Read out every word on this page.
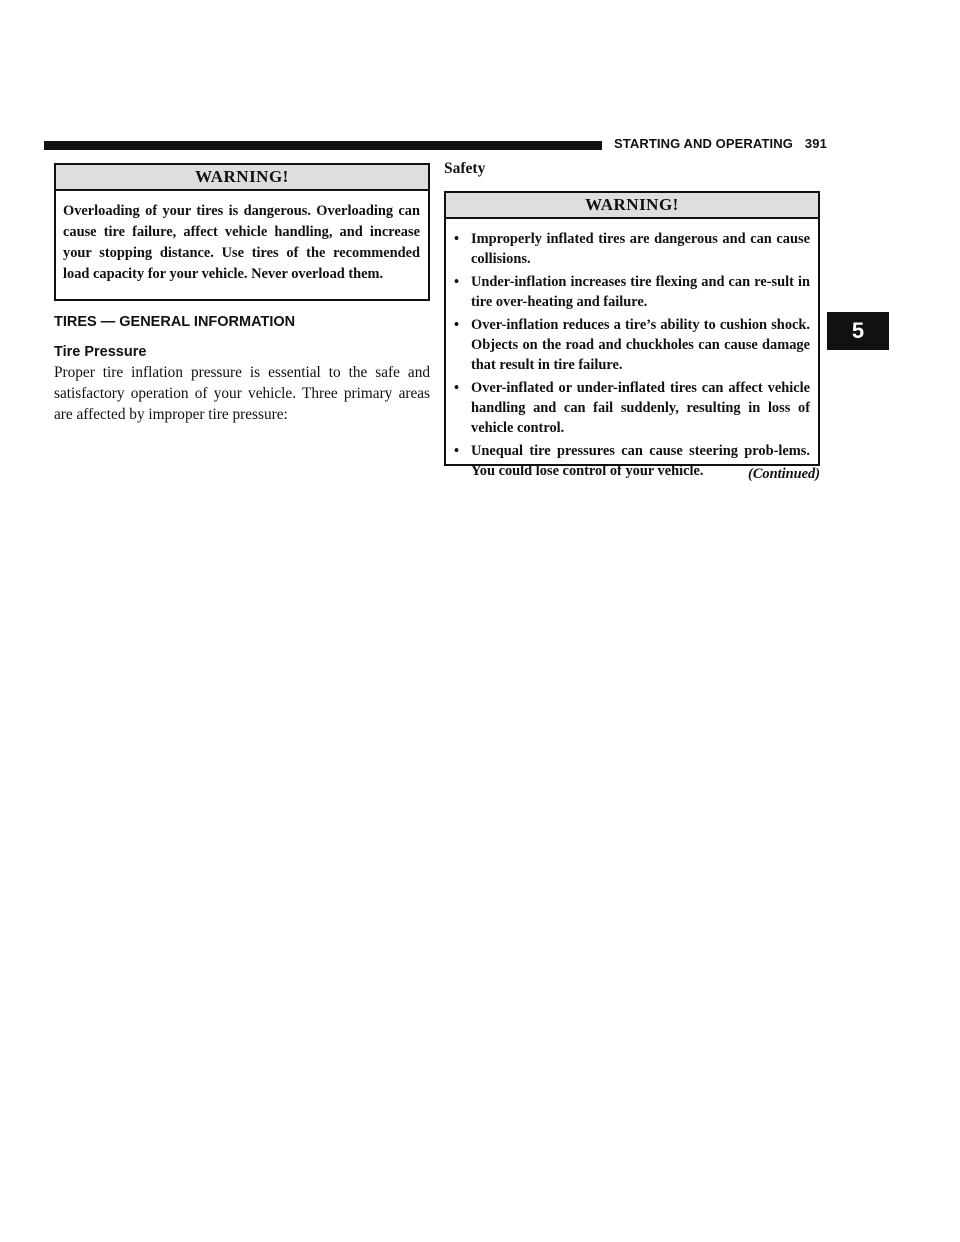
STARTING AND OPERATING 391
5
WARNING!
Overloading of your tires is dangerous. Overloading can cause tire failure, affect vehicle handling, and increase your stopping distance. Use tires of the recommended load capacity for your vehicle. Never overload them.
TIRES — GENERAL INFORMATION
Tire Pressure
Proper tire inflation pressure is essential to the safe and satisfactory operation of your vehicle. Three primary areas are affected by improper tire pressure:
Safety
WARNING!
• Improperly inflated tires are dangerous and can cause collisions.
• Under-inflation increases tire flexing and can re-sult in tire over-heating and failure.
• Over-inflation reduces a tire’s ability to cushion shock. Objects on the road and chuckholes can cause damage that result in tire failure.
• Over-inflated or under-inflated tires can affect vehicle handling and can fail suddenly, resulting in loss of vehicle control.
• Unequal tire pressures can cause steering prob-lems. You could lose control of your vehicle.	(Continued)
